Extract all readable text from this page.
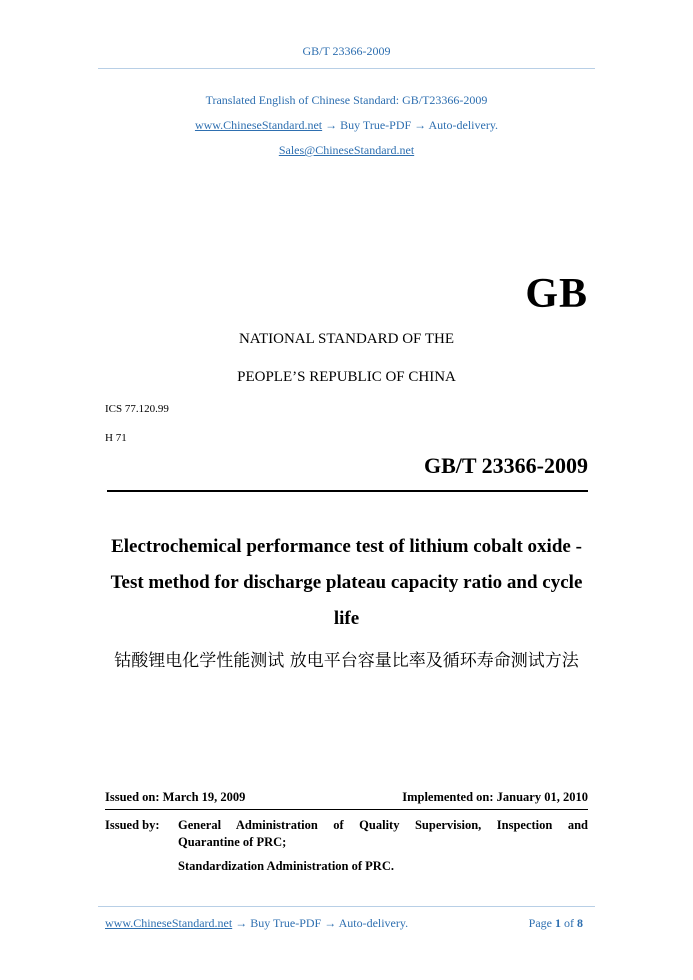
GB/T 23366-2009
Translated English of Chinese Standard: GB/T23366-2009
www.ChineseStandard.net → Buy True-PDF → Auto-delivery.
Sales@ChineseStandard.net
GB
NATIONAL STANDARD OF THE
PEOPLE’S REPUBLIC OF CHINA
ICS 77.120.99
H 71
GB/T 23366-2009
Electrochemical performance test of lithium cobalt oxide -
Test method for discharge plateau capacity ratio and cycle
life
钴酸锂电化学性能测试 放电平台容量比率及循环寿命测试方法
Issued on: March 19, 2009	Implemented on: January 01, 2010
Issued by: General Administration of Quality Supervision, Inspection and
Quarantine of PRC;
Standardization Administration of PRC.
www.ChineseStandard.net → Buy True-PDF → Auto-delivery.	Page 1 of 8
